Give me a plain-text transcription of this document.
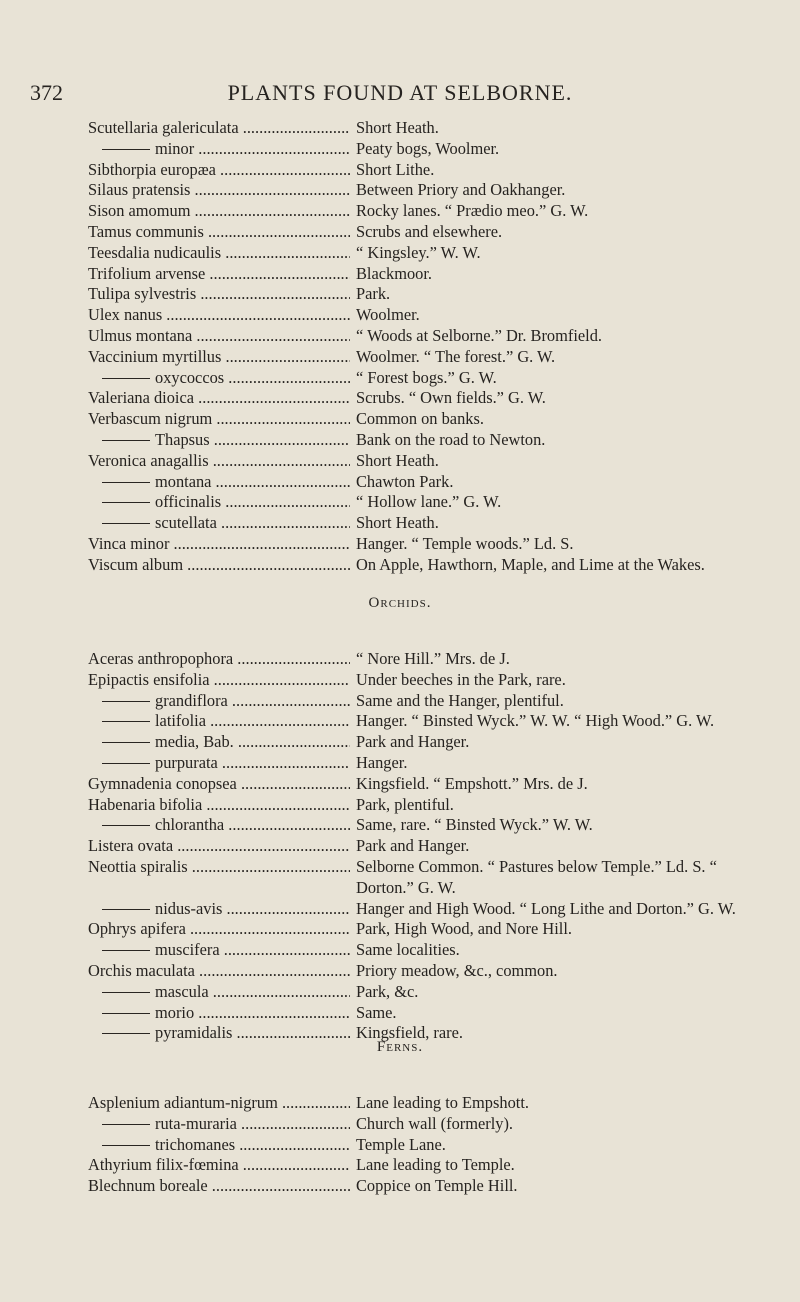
372	PLANTS FOUND AT SELBORNE.
Scutellaria galericulata .....	Short Heath.
minor .....	Peaty bogs, Woolmer.
Sibthorpia europæa .....	Short Lithe.
Silaus pratensis .....	Between Priory and Oakhanger.
Sison amomum .....	Rocky lanes. “ Prædio meo.” G. W.
Tamus communis .....	Scrubs and elsewhere.
Teesdalia nudicaulis .....	“ Kingsley.” W. W.
Trifolium arvense .....	Blackmoor.
Tulipa sylvestris .....	Park.
Ulex nanus .....	Woolmer.
Ulmus montana .....	“ Woods at Selborne.” Dr. Bromfield.
Vaccinium myrtillus .....	Woolmer. “ The forest.” G. W.
oxycoccos .....	“ Forest bogs.” G. W.
Valeriana dioica .....	Scrubs. “ Own fields.” G. W.
Verbascum nigrum .....	Common on banks.
Thapsus .....	Bank on the road to Newton.
Veronica anagallis .....	Short Heath.
montana .....	Chawton Park.
officinalis .....	“ Hollow lane.” G. W.
scutellata .....	Short Heath.
Vinca minor .....	Hanger. “ Temple woods.” Ld. S.
Viscum album .....	On Apple, Hawthorn, Maple, and Lime at the Wakes.
Orchids.
Aceras anthropophora .....	“ Nore Hill.” Mrs. de J.
Epipactis ensifolia .....	Under beeches in the Park, rare.
grandiflora .....	Same and the Hanger, plentiful.
latifolia .....	Hanger. “ Binsted Wyck.” W. W. “ High Wood.” G. W.
media, Bab. .....	Park and Hanger.
purpurata .....	Hanger.
Gymnadenia conopsea .....	Kingsfield. “ Empshott.” Mrs. de J.
Habenaria bifolia .....	Park, plentiful.
chlorantha .....	Same, rare. “ Binsted Wyck.” W. W.
Listera ovata .....	Park and Hanger.
Neottia spiralis .....	Selborne Common. “ Pastures below Temple.” Ld. S. “ Dorton.” G. W.
nidus-avis .....	Hanger and High Wood. “ Long Lithe and Dorton.” G. W.
Ophrys apifera .....	Park, High Wood, and Nore Hill.
muscifera .....	Same localities.
Orchis maculata .....	Priory meadow, &c., common.
mascula .....	Park, &c.
morio .....	Same.
pyramidalis .....	Kingsfield, rare.
Ferns.
Asplenium adiantum-nigrum .....	Lane leading to Empshott.
ruta-muraria .....	Church wall (formerly).
trichomanes .....	Temple Lane.
Athyrium filix-fœmina .....	Lane leading to Temple.
Blechnum boreale .....	Coppice on Temple Hill.
